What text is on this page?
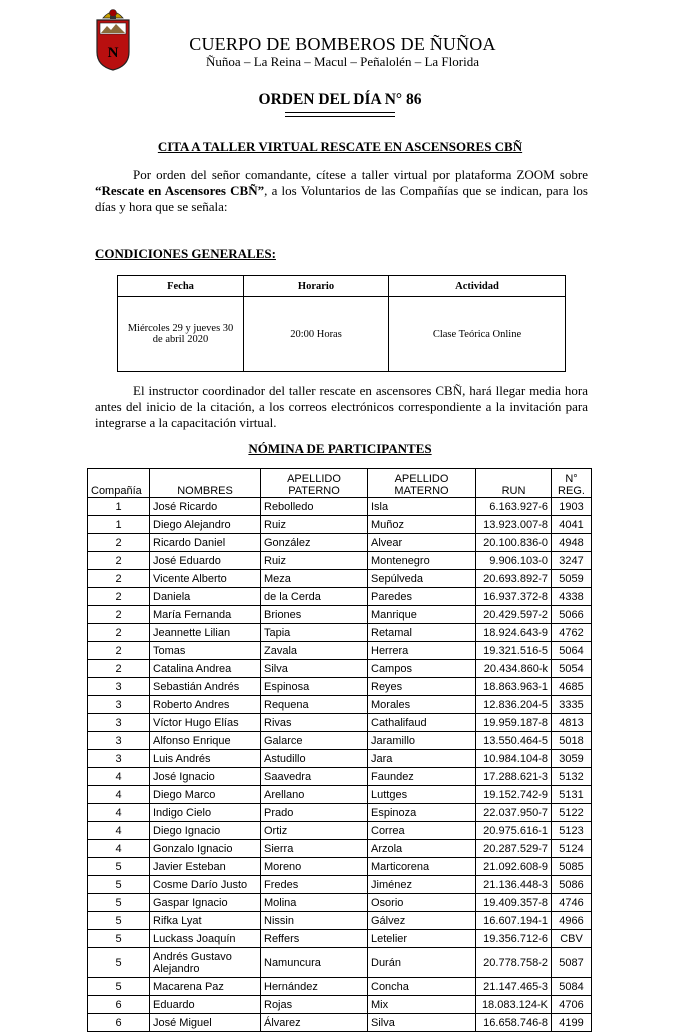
N	CUERPO DE BOMBEROS DE ÑUÑOA
Ñuñoa – La Reina – Macul – Peñalolén – La Florida
ORDEN DEL DÍA N° 86
CITA A TALLER VIRTUAL RESCATE EN ASCENSORES CBÑ
Por orden del señor comandante, cítese a taller virtual por plataforma ZOOM sobre “Rescate en Ascensores CBÑ”, a los Voluntarios de las Compañías que se indican, para los días y hora que se señala:
CONDICIONES GENERALES:
Fecha	Horario	Actividad

Miércoles 29 y jueves 30 de abril 2020	20:00 Horas	Clase Teórica Online
El instructor coordinador del taller rescate en ascensores CBÑ, hará llegar media hora antes del inicio de la citación, a los correos electrónicos correspondiente a la invitación para integrarse a la capacitación virtual.
NÓMINA DE PARTICIPANTES
Compañía	NOMBRES	APELLIDO PATERNO	APELLIDO MATERNO	RUN	N° REG.
1	José Ricardo	Rebolledo	Isla	6.163.927-6	1903
1	Diego Alejandro	Ruiz	Muñoz	13.923.007-8	4041
2	Ricardo Daniel	González	Alvear	20.100.836-0	4948
2	José Eduardo	Ruiz	Montenegro	9.906.103-0	3247
2	Vicente Alberto	Meza	Sepúlveda	20.693.892-7	5059
2	Daniela	de la Cerda	Paredes	16.937.372-8	4338
2	María Fernanda	Briones	Manrique	20.429.597-2	5066
2	Jeannette Lilian	Tapia	Retamal	18.924.643-9	4762
2	Tomas	Zavala	Herrera	19.321.516-5	5064
2	Catalina Andrea	Silva	Campos	20.434.860-k	5054
3	Sebastián Andrés	Espinosa	Reyes	18.863.963-1	4685
3	Roberto Andres	Requena	Morales	12.836.204-5	3335
3	Víctor Hugo Elías	Rivas	Cathalifaud	19.959.187-8	4813
3	Alfonso Enrique	Galarce	Jaramillo	13.550.464-5	5018
3	Luis Andrés	Astudillo	Jara	10.984.104-8	3059
4	José Ignacio	Saavedra	Faundez	17.288.621-3	5132
4	Diego Marco	Arellano	Luttges	19.152.742-9	5131
4	Indigo Cielo	Prado	Espinoza	22.037.950-7	5122
4	Diego Ignacio	Ortiz	Correa	20.975.616-1	5123
4	Gonzalo Ignacio	Sierra	Arzola	20.287.529-7	5124
5	Javier Esteban	Moreno	Marticorena	21.092.608-9	5085
5	Cosme Darío Justo	Fredes	Jiménez	21.136.448-3	5086
5	Gaspar Ignacio	Molina	Osorio	19.409.357-8	4746
5	Rifka Lyat	Nissin	Gálvez	16.607.194-1	4966
5	Luckass Joaquín	Reffers	Letelier	19.356.712-6	CBV
5	Andrés Gustavo Alejandro	Namuncura	Durán	20.778.758-2	5087
5	Macarena Paz	Hernández	Concha	21.147.465-3	5084
6	Eduardo	Rojas	Mix	18.083.124-K	4706
6	José Miguel	Álvarez	Silva	16.658.746-8	4199
